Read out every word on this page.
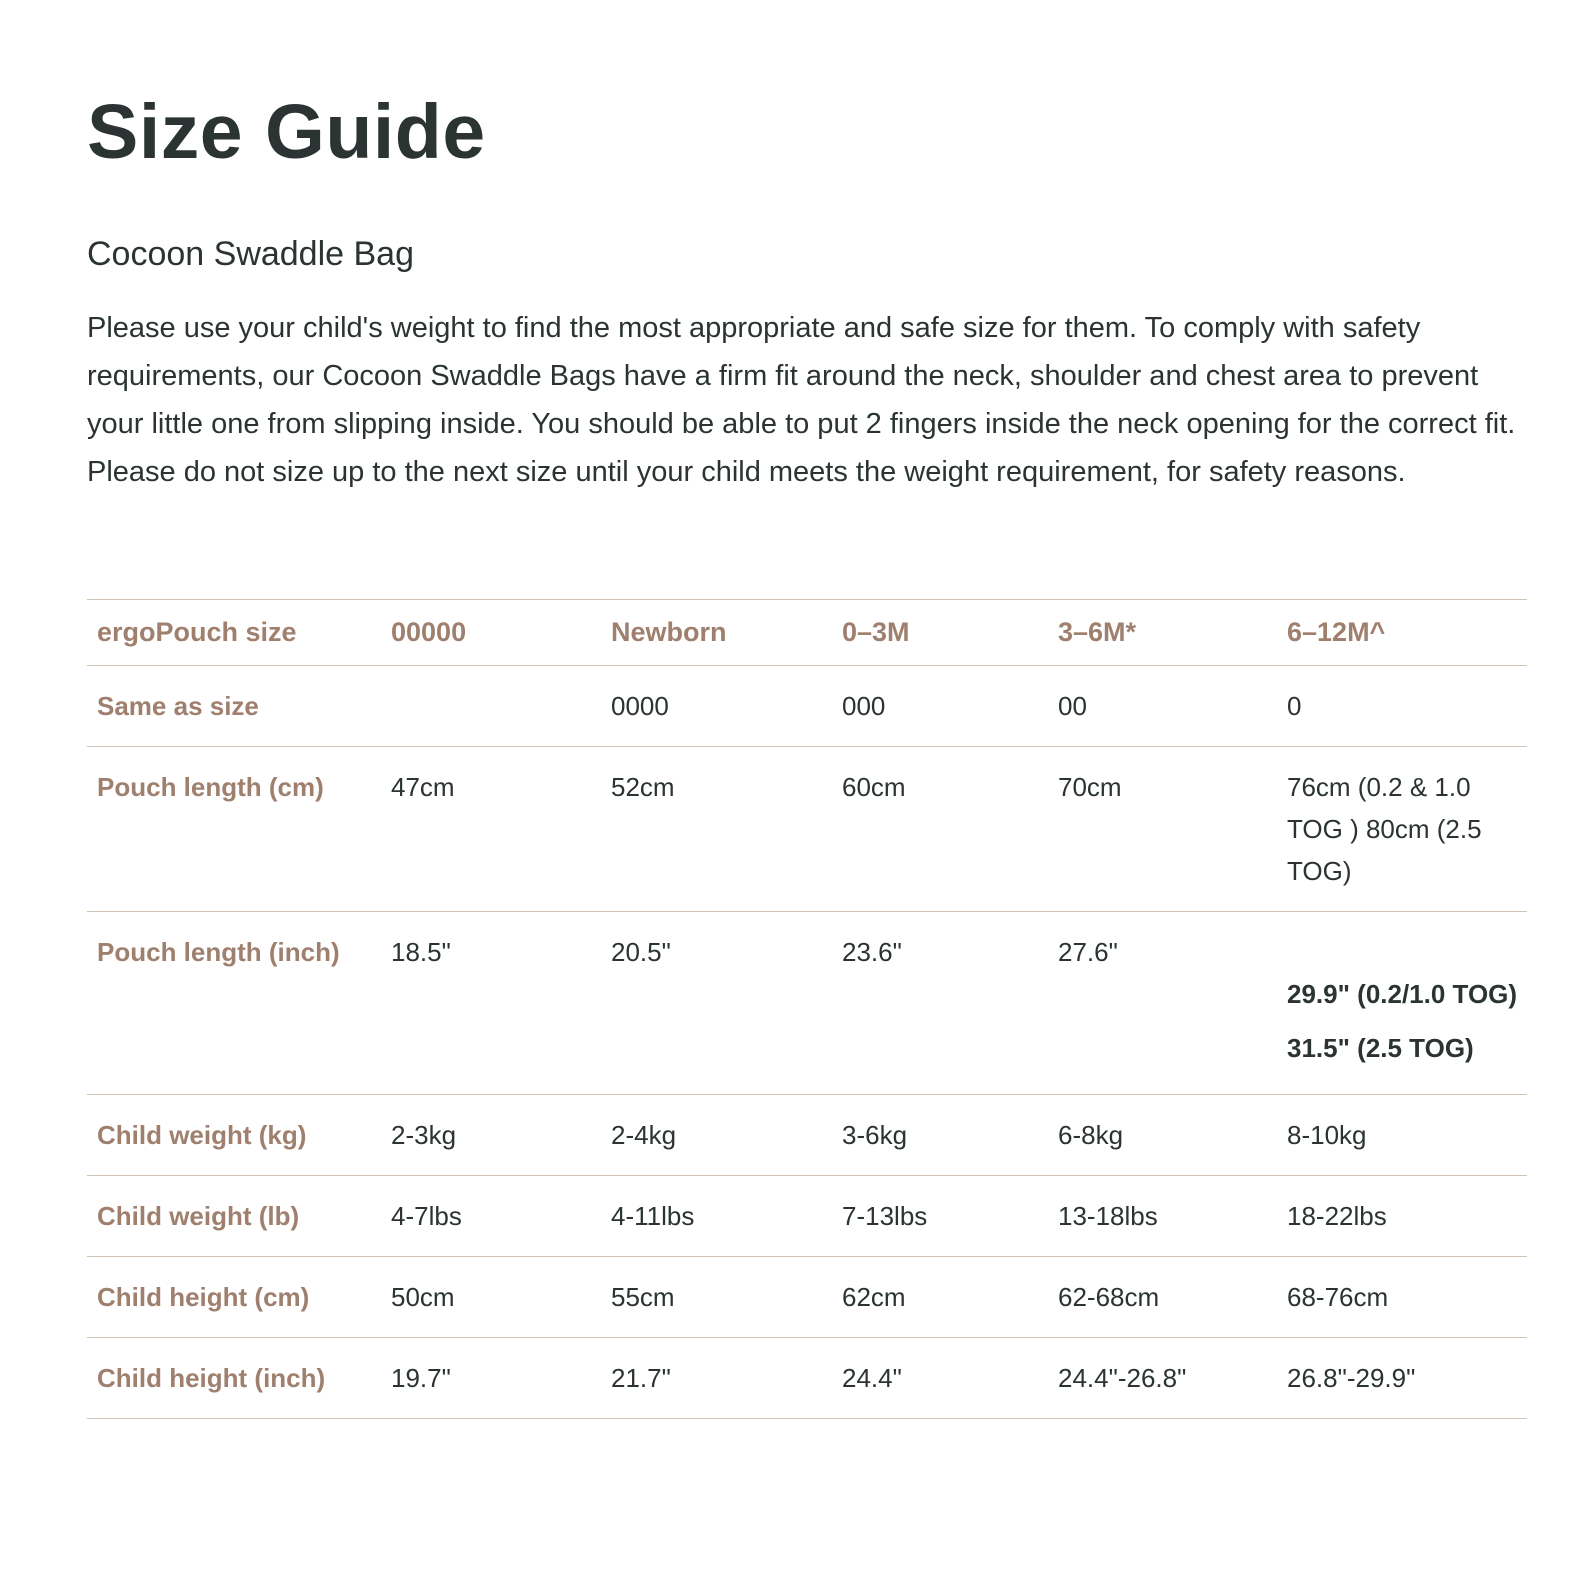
Size Guide
Cocoon Swaddle Bag

Please use your child's weight to find the most appropriate and safe size for them. To comply with safety requirements, our Cocoon Swaddle Bags have a firm fit around the neck, shoulder and chest area to prevent your little one from slipping inside. You should be able to put 2 fingers inside the neck opening for the correct fit. Please do not size up to the next size until your child meets the weight requirement, for safety reasons.

ergoPouch size	00000	Newborn	0–3M	3–6M*	6–12M^
Same as size		0000	000	00	0
Pouch length (cm)	47cm	52cm	60cm	70cm	76cm (0.2 & 1.0 TOG ) 80cm (2.5 TOG)
Pouch length (inch)	18.5"	20.5"	23.6"	27.6"	29.9" (0.2/1.0 TOG) 31.5" (2.5 TOG)

Child weight (kg)	2-3kg	2-4kg	3-6kg	6-8kg	8-10kg
Child weight (lb)	4-7lbs	4-11lbs	7-13lbs	13-18lbs	18-22lbs
Child height (cm)	50cm	55cm	62cm	62-68cm	68-76cm
Child height (inch)	19.7"	21.7"	24.4"	24.4"-26.8"	26.8"-29.9"
